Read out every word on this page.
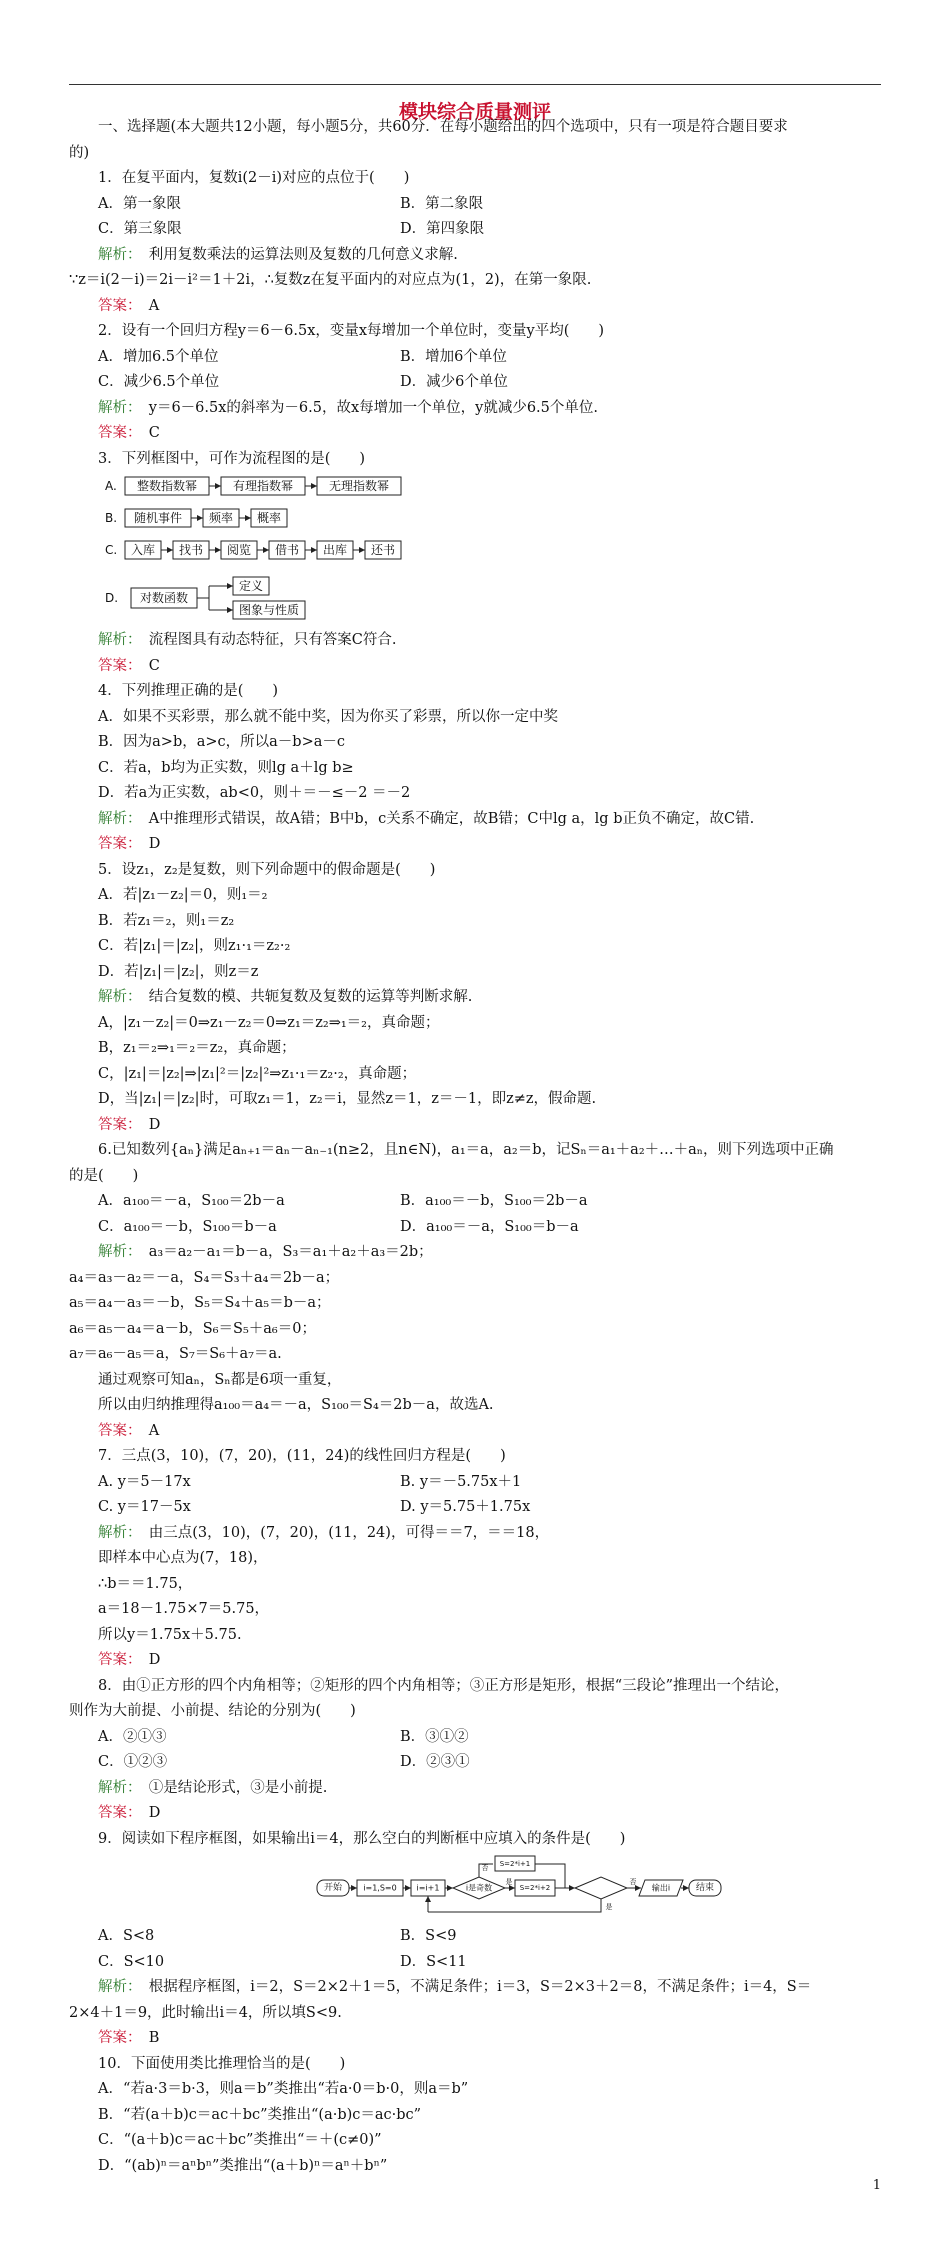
模块综合质量测评
一、选择题(本大题共12小题，每小题5分，共60分．在每小题给出的四个选项中，只有一项是符合题目要求
的)
1．在复平面内，复数i(2－i)对应的点位于(　　)
A．第一象限	B．第二象限
C．第三象限	D．第四象限
解析：　利用复数乘法的运算法则及复数的几何意义求解.
∵z＝i(2－i)＝2i－i²＝1＋2i，∴复数z在复平面内的对应点为(1，2)，在第一象限.
答案：　A
2．设有一个回归方程y＝6－6.5x，变量x每增加一个单位时，变量y平均(　　)
A．增加6.5个单位	B．增加6个单位
C．减少6.5个单位	D．减少6个单位
解析：　y＝6－6.5x的斜率为－6.5，故x每增加一个单位，y就减少6.5个单位.
答案：　C
3．下列框图中，可作为流程图的是(　　)
A. 整数指数幂	有理指数幂	无理指数幂
B. 随机事件 频率 概率
C. 入库 找书 阅览 借书 出库 还书
D. 对数函数
定义
图象与性质
解析：　流程图具有动态特征，只有答案C符合.
答案：　C
4．下列推理正确的是(　　)
A．如果不买彩票，那么就不能中奖，因为你买了彩票，所以你一定中奖
B．因为a>b，a>c，所以a－b>a－c
C．若a，b均为正实数，则lg a＋lg b≥
D．若a为正实数，ab<0，则＋＝－≤－2 ＝－2
解析：　A中推理形式错误，故A错；B中b，c关系不确定，故B错；C中lg a，lg b正负不确定，故C错.
答案：　D
5．设z₁，z₂是复数，则下列命题中的假命题是(　　)
A．若|z₁－z₂|＝0，则₁＝₂
B．若z₁＝₂，则₁＝z₂
C．若|z₁|＝|z₂|，则z₁·₁＝z₂·₂
D．若|z₁|＝|z₂|，则z＝z
解析：　结合复数的模、共轭复数及复数的运算等判断求解.
A，|z₁－z₂|＝0⇒z₁－z₂＝0⇒z₁＝z₂⇒₁＝₂，真命题；
B，z₁＝₂⇒₁＝₂＝z₂，真命题；
C，|z₁|＝|z₂|⇒|z₁|²＝|z₂|²⇒z₁·₁＝z₂·₂，真命题；
D，当|z₁|＝|z₂|时，可取z₁＝1，z₂＝i，显然z＝1，z＝－1，即z≠z，假命题.
答案：　D
6.已知数列{aₙ}满足aₙ₊₁＝aₙ－aₙ₋₁(n≥2，且n∈N)，a₁＝a，a₂＝b，记Sₙ＝a₁＋a₂＋…＋aₙ，则下列选项中正确
的是(　　)
A．a₁₀₀＝－a，S₁₀₀＝2b－a	B．a₁₀₀＝－b，S₁₀₀＝2b－a
C．a₁₀₀＝－b，S₁₀₀＝b－a	D．a₁₀₀＝－a，S₁₀₀＝b－a
解析：　a₃＝a₂－a₁＝b－a，S₃＝a₁＋a₂＋a₃＝2b；
a₄＝a₃－a₂＝－a，S₄＝S₃＋a₄＝2b－a；
a₅＝a₄－a₃＝－b，S₅＝S₄＋a₅＝b－a；
a₆＝a₅－a₄＝a－b，S₆＝S₅＋a₆＝0；
a₇＝a₆－a₅＝a，S₇＝S₆＋a₇＝a.
通过观察可知aₙ，Sₙ都是6项一重复，
所以由归纳推理得a₁₀₀＝a₄＝－a，S₁₀₀＝S₄＝2b－a，故选A.
答案：　A
7．三点(3，10)，(7，20)，(11，24)的线性回归方程是(　　)
A. y＝5－17x	B. y＝－5.75x＋1
C. y＝17－5x	D. y＝5.75＋1.75x
解析：　由三点(3，10)，(7，20)，(11，24)，可得＝＝7，＝＝18，
即样本中心点为(7，18)，
∴b＝＝1.75，
a＝18－1.75×7＝5.75，
所以y＝1.75x＋5.75.
答案：　D
8．由①正方形的四个内角相等；②矩形的四个内角相等；③正方形是矩形，根据“三段论”推理出一个结论，
则作为大前提、小前提、结论的分别为(　　)
A．②①③	B．③①②
C．①②③	D．②③①
解析：　①是结论形式，③是小前提.
答案：　D
9．阅读如下程序框图，如果输出i＝4，那么空白的判断框中应填入的条件是(　　)
开始	i=1,S=0 i=i+1	i是奇数
否 S=2*i+1
是
S=2*i+2
否
是
输出i	结束
A．S<8	B．S<9
C．S<10	D．S<11
解析：　根据程序框图，i＝2，S＝2×2＋1＝5，不满足条件；i＝3，S＝2×3＋2＝8，不满足条件；i＝4，S＝
2×4＋1＝9，此时输出i＝4，所以填S<9.
答案：　B
10．下面使用类比推理恰当的是(　　)
A．“若a·3＝b·3，则a＝b”类推出“若a·0＝b·0，则a＝b”
B．“若(a＋b)c＝ac＋bc”类推出“(a·b)c＝ac·bc”
C．“(a＋b)c＝ac＋bc”类推出“＝＋(c≠0)”
D．“(ab)ⁿ＝aⁿbⁿ”类推出“(a＋b)ⁿ＝aⁿ＋bⁿ”
1
